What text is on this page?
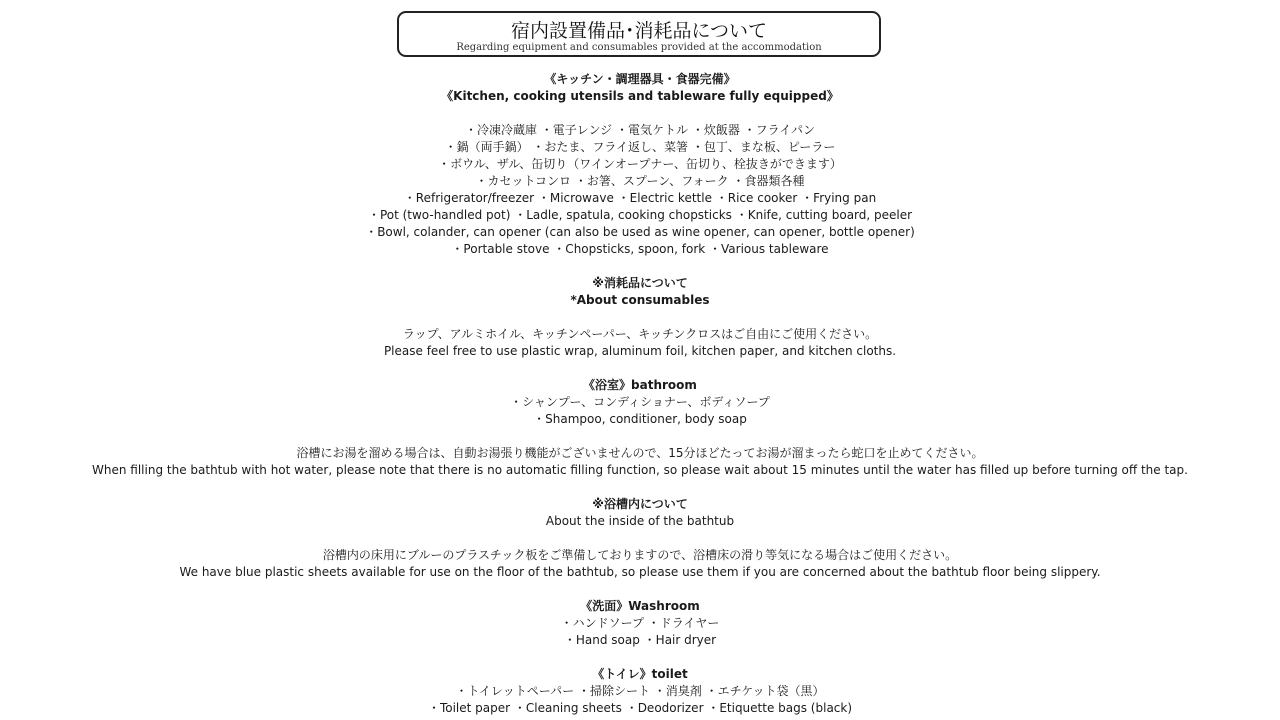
宿内設置備品･消耗品について
Regarding equipment and consumables provided at the accommodation
《キッチン・調理器具・食器完備》
《Kitchen, cooking utensils and tableware fully equipped》
・冷凍冷蔵庫 ・電子レンジ ・電気ケトル ・炊飯器 ・フライパン
・鍋（両手鍋） ・おたま、フライ返し、菜箸 ・包丁、まな板、ピーラー
・ボウル、ザル、缶切り（ワインオープナー、缶切り、栓抜きができます）
・カセットコンロ ・お箸、スプーン、フォーク ・食器類各種
・Refrigerator/freezer ・Microwave ・Electric kettle ・Rice cooker ・Frying pan
・Pot (two-handled pot) ・Ladle, spatula, cooking chopsticks ・Knife, cutting board, peeler
・Bowl, colander, can opener (can also be used as wine opener, can opener, bottle opener)
・Portable stove ・Chopsticks, spoon, fork ・Various tableware
※消耗品について
*About consumables
ラップ、アルミホイル、キッチンペーパー、キッチンクロスはご自由にご使用ください。
Please feel free to use plastic wrap, aluminum foil, kitchen paper, and kitchen cloths.
《浴室》bathroom
・シャンプー、コンディショナー、ボディソープ
・Shampoo, conditioner, body soap
浴槽にお湯を溜める場合は、自動お湯張り機能がございませんので、15分ほどたってお湯が溜まったら蛇口を止めてください。
When filling the bathtub with hot water, please note that there is no automatic filling function, so please wait about 15 minutes until the water has filled up before turning off the tap.
※浴槽内について
About the inside of the bathtub
浴槽内の床用にブルーのプラスチック板をご準備しておりますので、浴槽床の滑り等気になる場合はご使用ください。
We have blue plastic sheets available for use on the floor of the bathtub, so please use them if you are concerned about the bathtub floor being slippery.
《洗面》Washroom
・ハンドソープ ・ドライヤー
・Hand soap ・Hair dryer
《トイレ》toilet
・トイレットペーパー ・掃除シート ・消臭剤 ・エチケット袋（黒）
・Toilet paper ・Cleaning sheets ・Deodorizer ・Etiquette bags (black)
